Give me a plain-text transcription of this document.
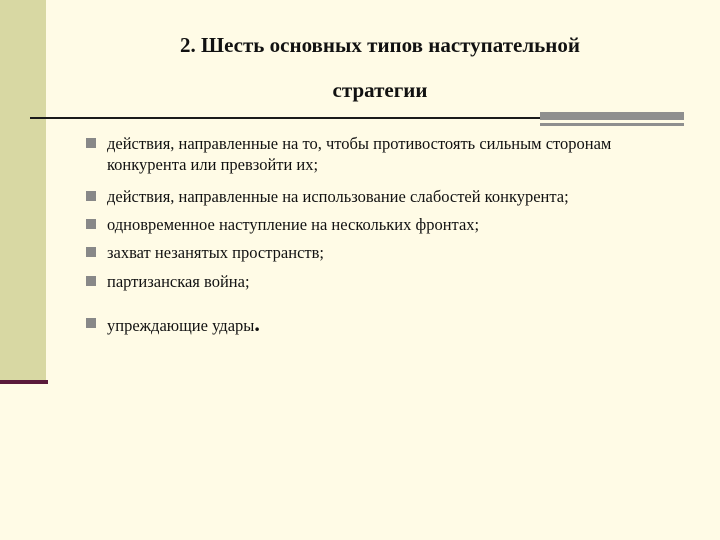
2. Шесть основных типов наступательной
стратегии
действия, направленные на то, чтобы противостоять сильным сторонам конкурента или превзойти их;
действия, направленные на использование слабостей конкурента;
одновременное наступление на нескольких фронтах;
захват незанятых пространств;
партизанская война;
упреждающие удары.
